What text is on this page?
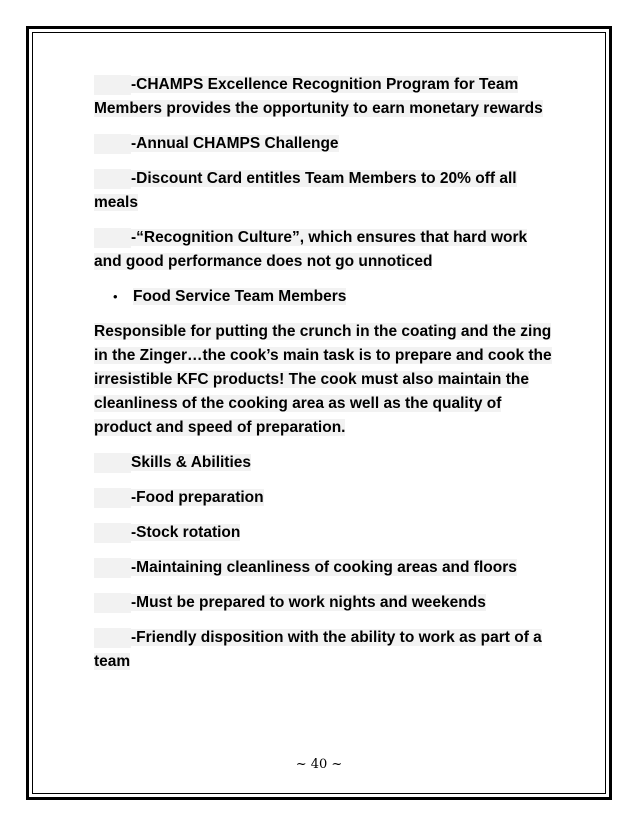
-CHAMPS Excellence Recognition Program for Team Members provides the opportunity to earn monetary rewards

-Annual CHAMPS Challenge

-Discount Card entitles Team Members to 20% off all meals

-“Recognition Culture”, which ensures that hard work and good performance does not go unnoticed

• Food Service Team Members

Responsible for putting the crunch in the coating and the zing in the Zinger…the cook’s main task is to prepare and cook the irresistible KFC products! The cook must also maintain the cleanliness of the cooking area as well as the quality of product and speed of preparation.

Skills & Abilities

-Food preparation

-Stock rotation

-Maintaining cleanliness of cooking areas and floors

-Must be prepared to work nights and weekends

-Friendly disposition with the ability to work as part of a team

~ 40 ~
